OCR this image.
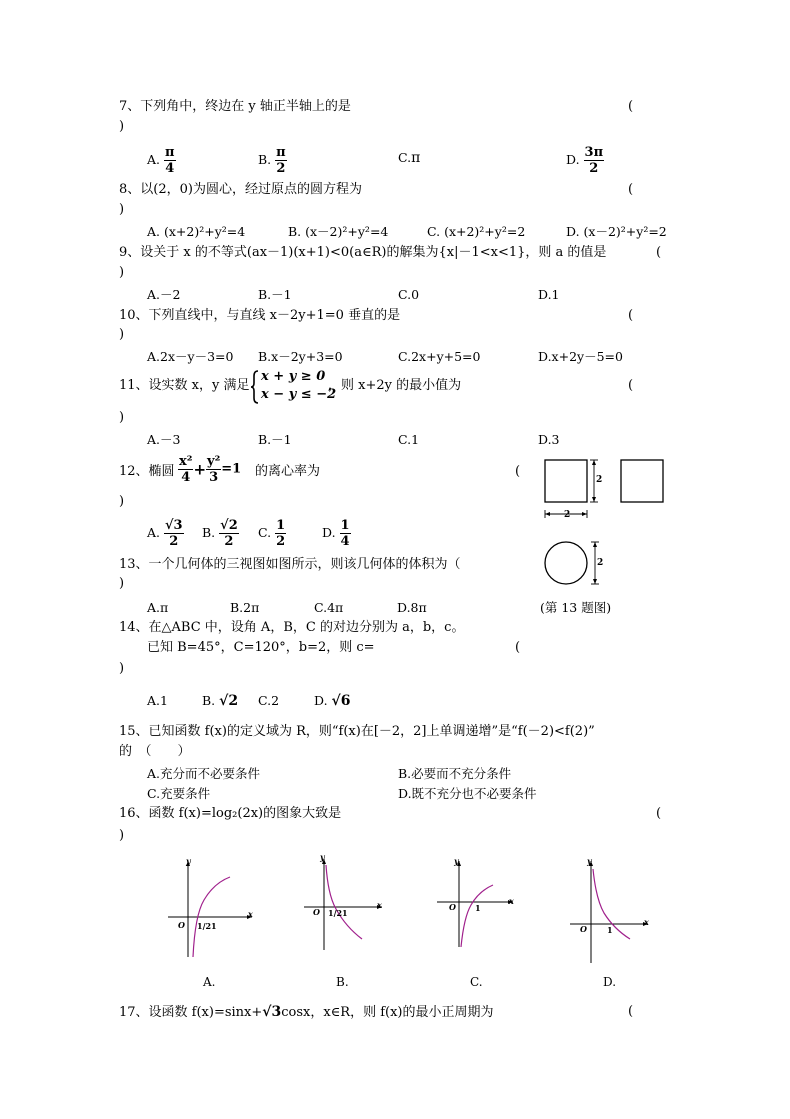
7、下列角中，终边在 y 轴正半轴上的是	(
)
A. $\frac{\pi}{4}$	B. $\frac{\pi}{2}$	C.π	D. $\frac{3\pi}{2}$
8、以(2，0)为圆心，经过原点的圆方程为	(
)
A. (x+2)²+y²=4	B. (x－2)²+y²=4	C. (x+2)²+y²=2	D. (x－2)²+y²=2
9、设关于 x 的不等式(ax－1)(x+1)<0(a∈R)的解集为{x|－1<x<1}，则 a 的值是	(
)
A.－2	B.－1	C.0	D.1
10、下列直线中，与直线 x－2y+1=0 垂直的是	(
)
A.2x－y－3=0 B.x－2y+3=0	C.2x+y+5=0	D.x+2y－5=0
11、设实数 x，y 满足
x + y ≥ 0
x − y ≤ −2
，则 x+2y 的最小值为	(
)
A.－3	B.－1	C.1	D.3
12、椭圆 $\frac{\text{x²}}{4} + \frac{\text{y²}}{3} =1$ 的离心率为	(
)
A. $\frac{√3}{2} B$. $\frac{√2}{2} C$. $\frac{1}{2}$	D. $\frac{1}{4}$
2
2
2
(第 13 题图)
13、一个几何体的三视图如图所示，则该几何体的体积为（
)
A.π	B.2π	C.4π	D.8π
14、在△ABC 中，设角 A，B，C 的对边分别为 a，b，c。
已知 B=45°，C=120°，b=2，则 c=	(
)
A.1	B. √2 C.2	D. √6
15、已知函数 f(x)的定义域为 R，则“f(x)在[－2，2]上单调递增”是“f(－2)<f(2)”
的　（　　）
A.充分而不必要条件	B.必要而不充分条件
C.充要条件	D.既不充分也不必要条件
16、函数 f(x)=log₂(2x)的图象大致是	(
)
y
x
O 1/2 1
A.
y
x
O 1/2 1
B.
y
x
O 1
C.
y
x
O	1
D.
17、设函数 f(x)=sinx+√3cosx，x∈R，则 f(x)的最小正周期为	(
